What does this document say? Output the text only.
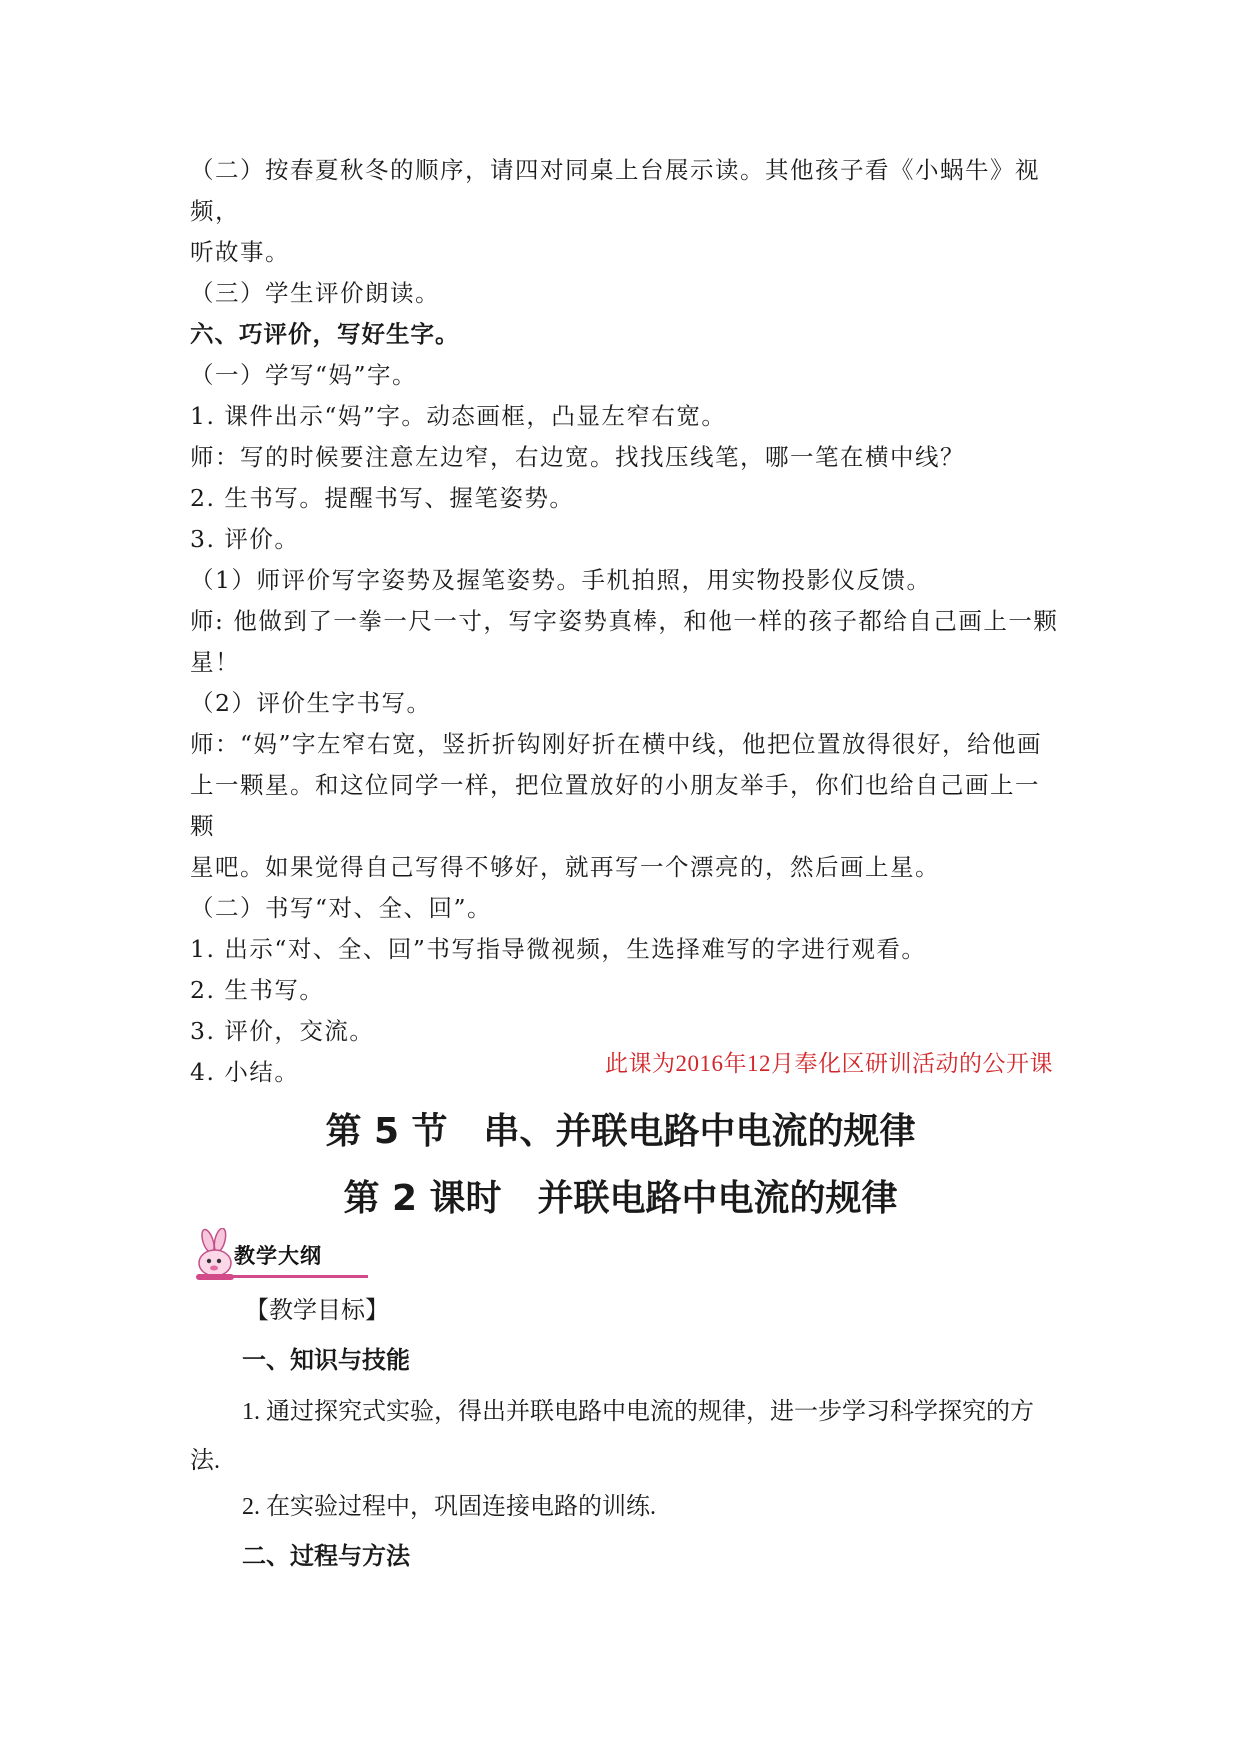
（二）按春夏秋冬的顺序，请四对同桌上台展示读。其他孩子看《小蜗牛》视频，

听故事。

（三）学生评价朗读。

六、巧评价，写好生字。

（一）学写“妈”字。

1. 课件出示“妈”字。动态画框，凸显左窄右宽。

师：写的时候要注意左边窄，右边宽。找找压线笔，哪一笔在横中线？

2. 生书写。提醒书写、握笔姿势。

3. 评价。

（1）师评价写字姿势及握笔姿势。手机拍照，用实物投影仪反馈。

师: 他做到了一拳一尺一寸，写字姿势真棒，和他一样的孩子都给自己画上一颗

星！

（2）评价生字书写。

师：“妈”字左窄右宽，竖折折钩刚好折在横中线，他把位置放得很好，给他画

上一颗星。和这位同学一样，把位置放好的小朋友举手，你们也给自己画上一颗

星吧。如果觉得自己写得不够好，就再写一个漂亮的，然后画上星。

（二）书写“对、全、回”。

1. 出示“对、全、回”书写指导微视频，生选择难写的字进行观看。

2. 生书写。

3. 评价，交流。

4. 小结。	此课为2016年12月奉化区研训活动的公开课
第 5 节　串、并联电路中电流的规律
第 2 课时　并联电路中电流的规律
教学大纲

【教学目标】

一、知识与技能

1. 通过探究式实验，得出并联电路中电流的规律，进一步学习科学探究的方法.

2. 在实验过程中，巩固连接电路的训练.

二、过程与方法
